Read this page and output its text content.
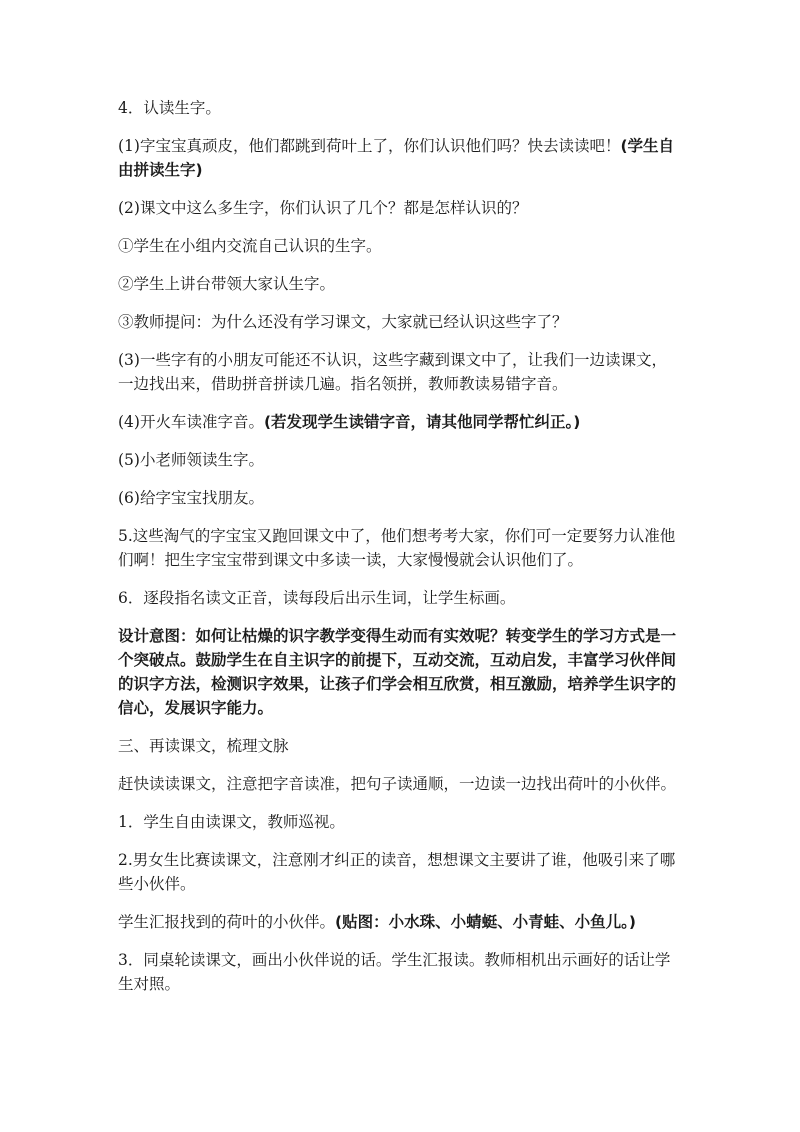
4．认读生字。

(1)字宝宝真顽皮，他们都跳到荷叶上了，你们认识他们吗？快去读读吧！(学生自由拼读生字)

(2)课文中这么多生字，你们认识了几个？都是怎样认识的？

①学生在小组内交流自己认识的生字。

②学生上讲台带领大家认生字。

③教师提问：为什么还没有学习课文，大家就已经认识这些字了？

(3)一些字有的小朋友可能还不认识，这些字藏到课文中了，让我们一边读课文，一边找出来，借助拼音拼读几遍。指名领拼，教师教读易错字音。

(4)开火车读准字音。(若发现学生读错字音，请其他同学帮忙纠正。)

(5)小老师领读生字。

(6)给字宝宝找朋友。

5.这些淘气的字宝宝又跑回课文中了，他们想考考大家，你们可一定要努力认准他们啊！把生字宝宝带到课文中多读一读，大家慢慢就会认识他们了。

6．逐段指名读文正音，读每段后出示生词，让学生标画。

设计意图：如何让枯燥的识字教学变得生动而有实效呢？转变学生的学习方式是一个突破点。鼓励学生在自主识字的前提下，互动交流，互动启发，丰富学习伙伴间的识字方法，检测识字效果，让孩子们学会相互欣赏，相互激励，培养学生识字的信心，发展识字能力。

三、再读课文，梳理文脉

赶快读读课文，注意把字音读准，把句子读通顺，一边读一边找出荷叶的小伙伴。

1．学生自由读课文，教师巡视。

2.男女生比赛读课文，注意刚才纠正的读音，想想课文主要讲了谁，他吸引来了哪些小伙伴。

学生汇报找到的荷叶的小伙伴。(贴图：小水珠、小蜻蜓、小青蛙、小鱼儿。)

3．同桌轮读课文，画出小伙伴说的话。学生汇报读。教师相机出示画好的话让学生对照。
